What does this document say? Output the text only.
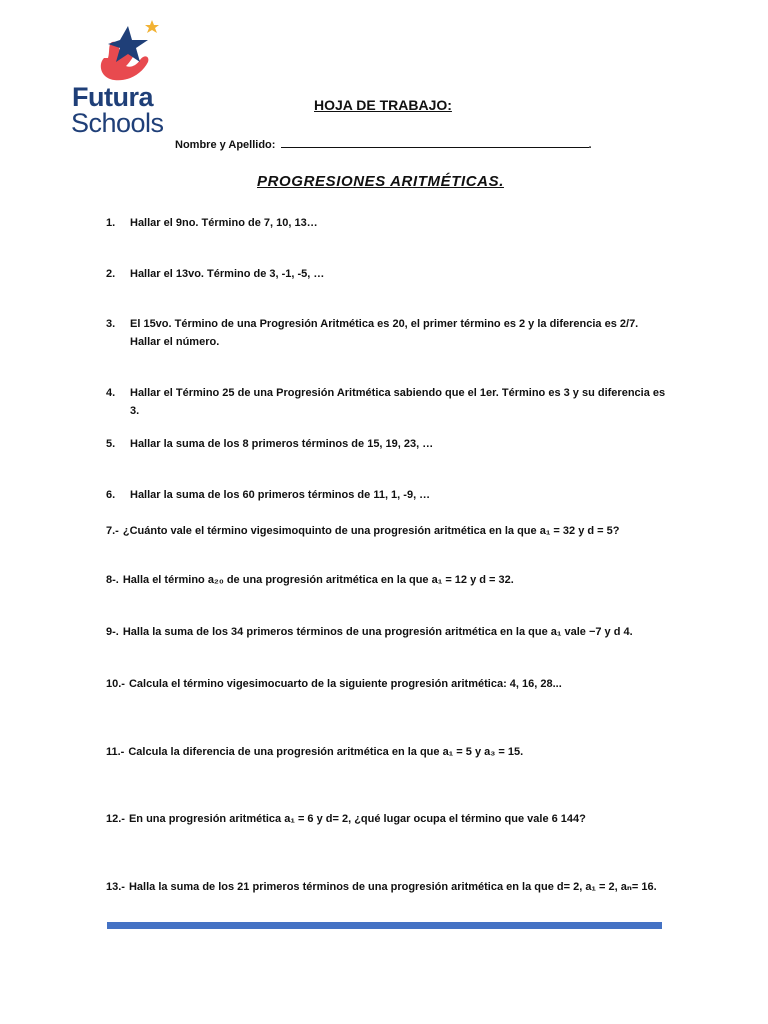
Futura
Schools
HOJA DE TRABAJO:
Nombre y Apellido:	.
PROGRESIONES ARITMÉTICAS.
1. Hallar el 9no. Término de 7, 10, 13…
2. Hallar el 13vo. Término de 3, -1, -5, …
3. El 15vo. Término de una Progresión Aritmética es 20, el primer término es 2 y la diferencia es 2/7. Hallar el número.
4. Hallar el Término 25 de una Progresión Aritmética sabiendo que el 1er. Término es 3 y su diferencia es 3.
5. Hallar la suma de los 8 primeros términos de 15, 19, 23, …
6. Hallar la suma de los 60 primeros términos de 11, 1, -9, …
7.- ¿Cuánto vale el término vigesimoquinto de una progresión aritmética en la que a₁ = 32 y d = 5?
8-. Halla el término a₂₀ de una progresión aritmética en la que a₁ = 12 y d = 32.
9-. Halla la suma de los 34 primeros términos de una progresión aritmética en la que a₁ vale −7 y d 4.
10.- Calcula el término vigesimocuarto de la siguiente progresión aritmética: 4, 16, 28...
11.- Calcula la diferencia de una progresión aritmética en la que a₁ = 5 y a₃ = 15.
12.- En una progresión aritmética a₁ = 6 y d= 2, ¿qué lugar ocupa el término que vale 6 144?
13.- Halla la suma de los 21 primeros términos de una progresión aritmética en la que d= 2, a₁ = 2, aₙ= 16.
